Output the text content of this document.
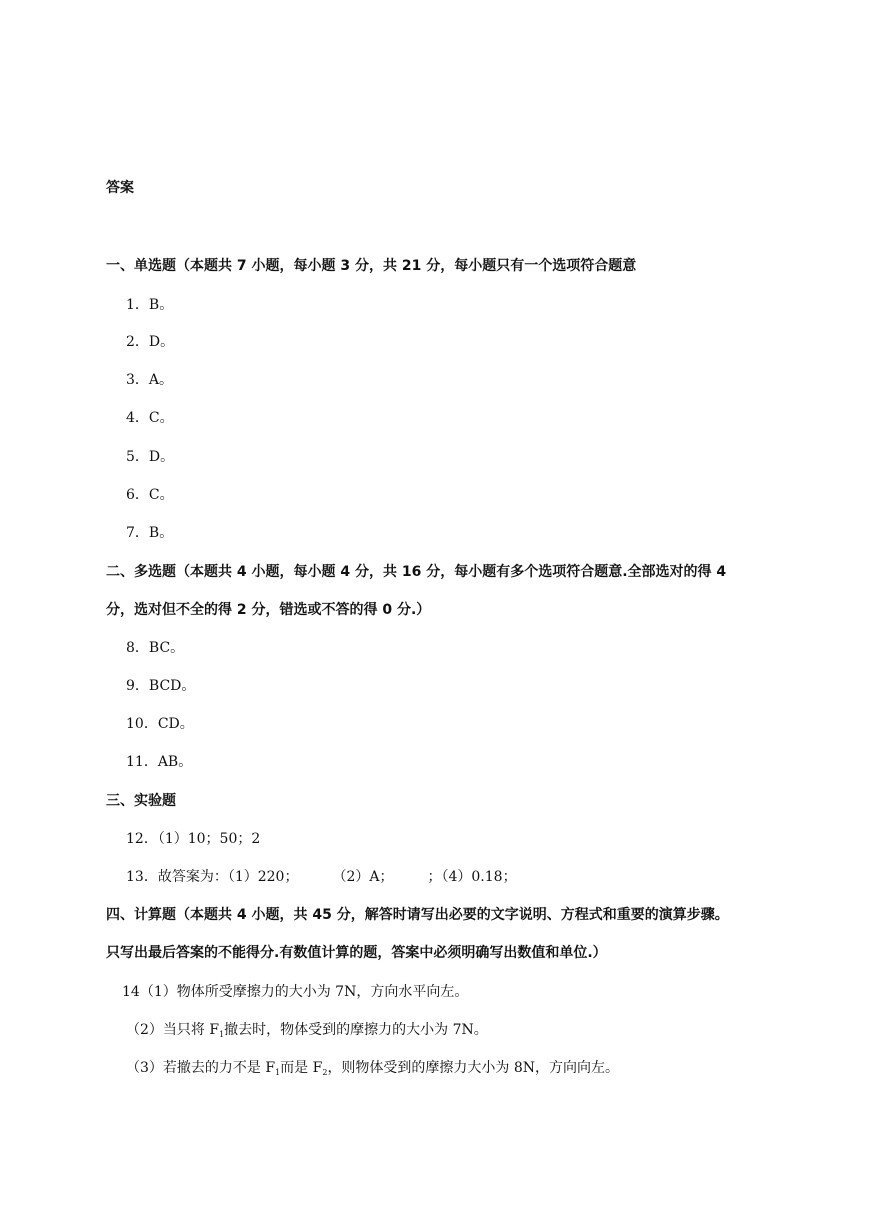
答案
一、单选题（本题共 7 小题，每小题 3 分，共 21 分，每小题只有一个选项符合题意
1．B。
2．D。
3．A。
4．C。
5．D。
6．C。
7．B。
二、多选题（本题共 4 小题，每小题 4 分，共 16 分，每小题有多个选项符合题意.全部选对的得 4
分，选对但不全的得 2 分，错选或不答的得 0 分.）
8．BC。
9．BCD。
10．CD。
11．AB。
三、实验题
12．（1）10；50；2
13．故答案为：（1）220； （2）A； ；（4）0.18；
四、计算题（本题共 4 小题，共 45 分，解答时请写出必要的文字说明、方程式和重要的演算步骤。
只写出最后答案的不能得分.有数值计算的题，答案中必须明确写出数值和单位.）
14（1）物体所受摩擦力的大小为 7N，方向水平向左。
（2）当只将 $F_1$撤去时，物体受到的摩擦力的大小为 7N。
（3）若撤去的力不是 $F_1$而是 $F_2$，则物体受到的摩擦力大小为 8N，方向向左。
